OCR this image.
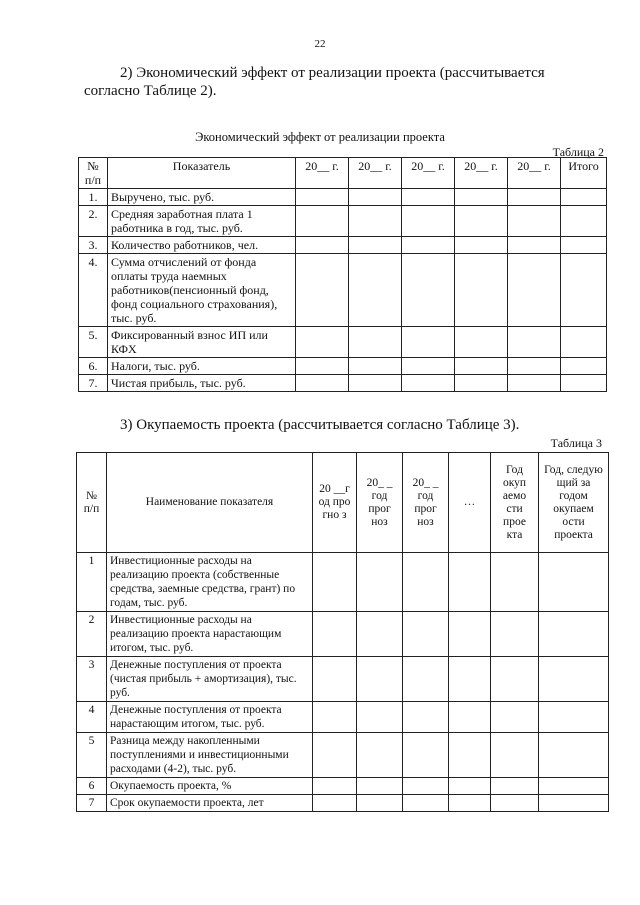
22
2) Экономический эффект от реализации проекта (рассчитывается согласно Таблице 2).
Экономический эффект от реализации проекта
Таблица 2
№ п/п	Показатель	20__ г.	20__ г.	20__ г.	20__ г.	20__ г.	Итого
1.	Выручено, тыс. руб.						
2.	Средняя заработная плата 1 работника в год, тыс. руб.						
3.	Количество работников, чел.						
4.	Сумма отчислений от фонда оплаты труда наемных работников(пенсионный фонд, фонд социального страхования), тыс. руб.						
5.	Фиксированный взнос ИП или КФХ						
6.	Налоги, тыс. руб.						
7.	Чистая прибыль, тыс. руб.						
3) Окупаемость проекта (рассчитывается согласно Таблице 3).
Таблица 3
№ п/п	Наименование показателя	20 __г од про гно з	20_ _ год прог ноз	20_ _ год прог ноз	…	Год окуп аемо сти прое кта	Год, следую щий за годом окупаем ости проекта
1	Инвестиционные расходы на реализацию проекта (собственные средства, заемные средства, грант) по годам, тыс. руб.						
2	Инвестиционные расходы на реализацию проекта нарастающим итогом, тыс. руб.						
3	Денежные поступления от проекта (чистая прибыль + амортизация), тыс. руб.						
4	Денежные поступления от проекта нарастающим итогом, тыс. руб.						
5	Разница между накопленными поступлениями и инвестиционными расходами (4-2), тыс. руб.						
6	Окупаемость проекта, %						
7	Срок окупаемости проекта, лет						
